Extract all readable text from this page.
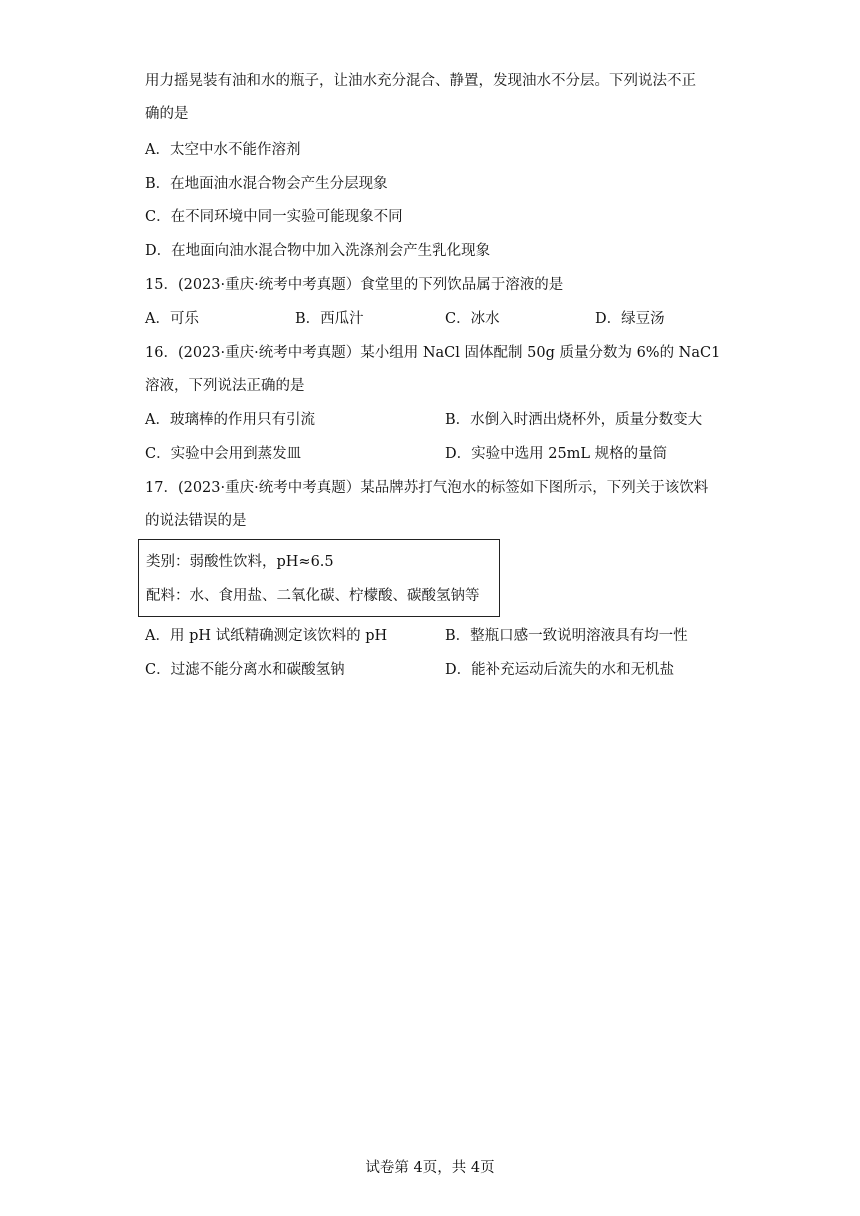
用力摇晃装有油和水的瓶子，让油水充分混合、静置，发现油水不分层。下列说法不正
确的是
A．太空中水不能作溶剂
B．在地面油水混合物会产生分层现象
C．在不同环境中同一实验可能现象不同
D．在地面向油水混合物中加入洗涤剂会产生乳化现象
15．(2023·重庆·统考中考真题）食堂里的下列饮品属于溶液的是
A．可乐	B．西瓜汁	C．冰水	D．绿豆汤
16．(2023·重庆·统考中考真题）某小组用 NaCl 固体配制 50g 质量分数为 6%的 NaC1
溶液，下列说法正确的是
A．玻璃棒的作用只有引流	B．水倒入时洒出烧杯外，质量分数变大
C．实验中会用到蒸发皿	D．实验中选用 25mL 规格的量筒
17．(2023·重庆·统考中考真题）某品牌苏打气泡水的标签如下图所示，下列关于该饮料
的说法错误的是
类别：弱酸性饮料，pH≈6.5
配料：水、食用盐、二氧化碳、柠檬酸、碳酸氢钠等
A．用 pH 试纸精确测定该饮料的 pH	B．整瓶口感一致说明溶液具有均一性
C．过滤不能分离水和碳酸氢钠	D．能补充运动后流失的水和无机盐
试卷第 4页，共 4页
